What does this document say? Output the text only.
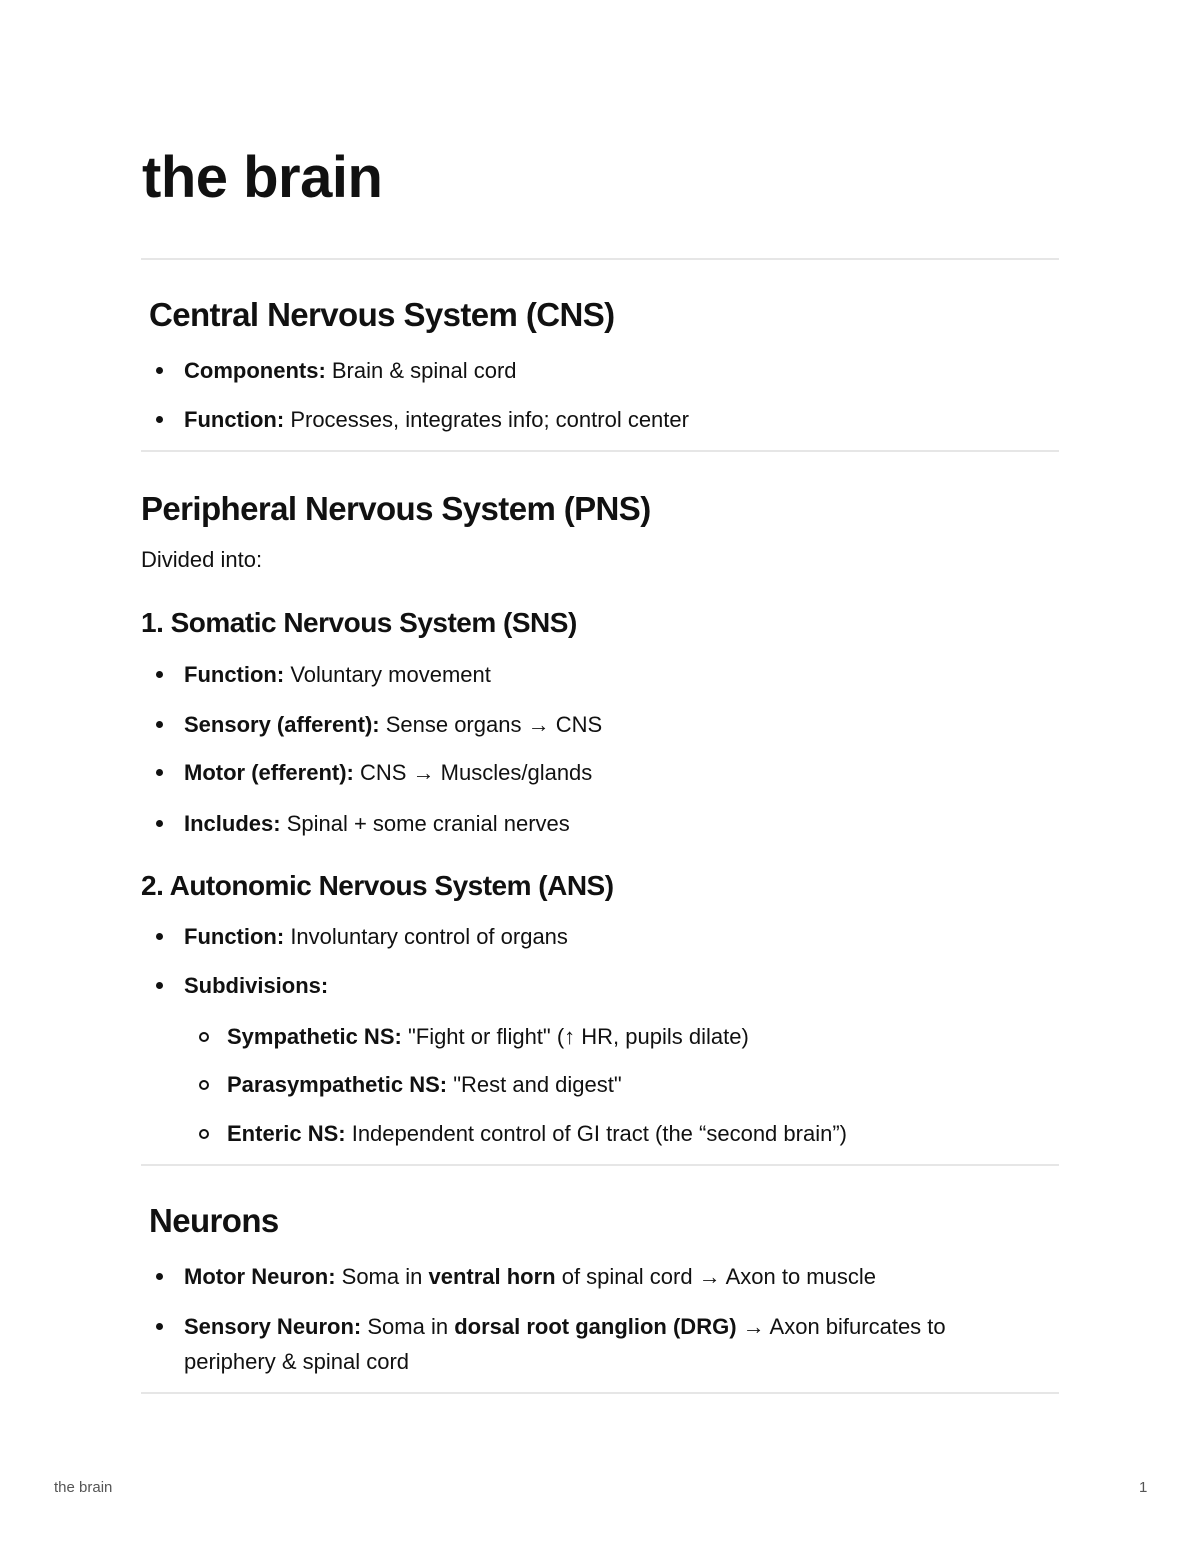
the brain
Central Nervous System (CNS)
Components: Brain & spinal cord
Function: Processes, integrates info; control center
Peripheral Nervous System (PNS)

Divided into:

1. Somatic Nervous System (SNS)
Function: Voluntary movement
Sensory (afferent): Sense organs → CNS
Motor (efferent): CNS → Muscles/glands
Includes: Spinal + some cranial nerves
2. Autonomic Nervous System (ANS)
Function: Involuntary control of organs
Subdivisions:
Sympathetic NS: "Fight or flight" (↑ HR, pupils dilate)
Parasympathetic NS: "Rest and digest"
Enteric NS: Independent control of GI tract (the “second brain”)
Neurons
Motor Neuron: Soma in ventral horn of spinal cord → Axon to muscle
Sensory Neuron: Soma in dorsal root ganglion (DRG) → Axon bifurcates to periphery & spinal cord
the brain	1
